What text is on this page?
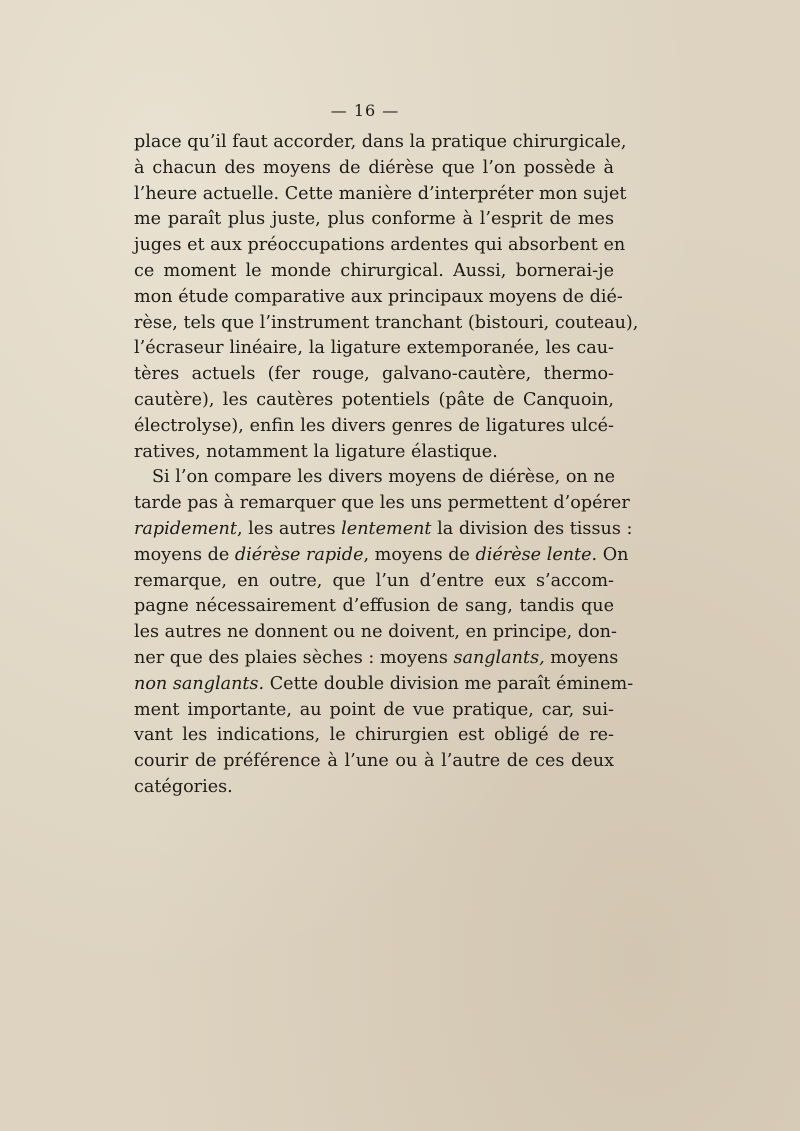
— 16 —
place qu’il faut accorder, dans la pratique chirurgicale,
à chacun des moyens de diérèse que l’on possède à
l’heure actuelle. Cette manière d’interpréter mon sujet
me paraît plus juste, plus conforme à l’esprit de mes
juges et aux préoccupations ardentes qui absorbent en
ce moment le monde chirurgical. Aussi, bornerai-je
mon étude comparative aux principaux moyens de dié-
rèse, tels que l’instrument tranchant (bistouri, couteau),
l’écraseur linéaire, la ligature extemporanée, les cau-
tères actuels (fer rouge, galvano-cautère, thermo-
cautère), les cautères potentiels (pâte de Canquoin,
électrolyse), enfin les divers genres de ligatures ulcé-
ratives, notamment la ligature élastique.
Si l’on compare les divers moyens de diérèse, on ne
tarde pas à remarquer que les uns permettent d’opérer
rapidement, les autres lentement la division des tissus :
moyens de diérèse rapide, moyens de diérèse lente. On
remarque, en outre, que l’un d’entre eux s’accom-
pagne nécessairement d’effusion de sang, tandis que
les autres ne donnent ou ne doivent, en principe, don-
ner que des plaies sèches : moyens sanglants, moyens
non sanglants. Cette double division me paraît éminem-
ment importante, au point de vue pratique, car, sui-
vant les indications, le chirurgien est obligé de re-
courir de préférence à l’une ou à l’autre de ces deux
catégories.
